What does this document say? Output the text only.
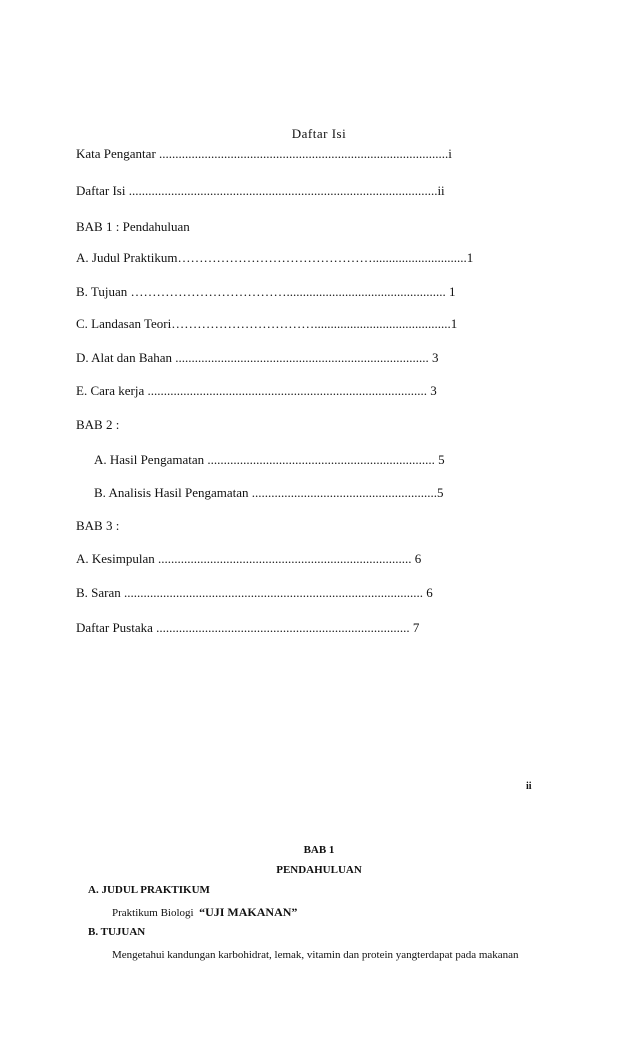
Daftar Isi
Kata Pengantar .........................................................................................i
Daftar Isi ...............................................................................................ii
BAB 1 : Pendahuluan
A. Judul Praktikum……………………………………….............................1
B. Tujuan ………………………………................................................. 1
C. Landasan Teori……………………………..........................................1
D. Alat dan Bahan .............................................................................. 3
E. Cara kerja ...................................................................................... 3
BAB 2 :
A. Hasil Pengamatan ...................................................................... 5
B. Analisis Hasil Pengamatan .........................................................5
BAB 3 :
A. Kesimpulan .............................................................................. 6
B. Saran ............................................................................................ 6
Daftar Pustaka .............................................................................. 7
ii
BAB 1
PENDAHULUAN
A. JUDUL PRAKTIKUM
Praktikum Biologi “UJI MAKANAN”
B. TUJUAN
Mengetahui kandungan karbohidrat, lemak, vitamin dan protein yangterdapat pada makanan
